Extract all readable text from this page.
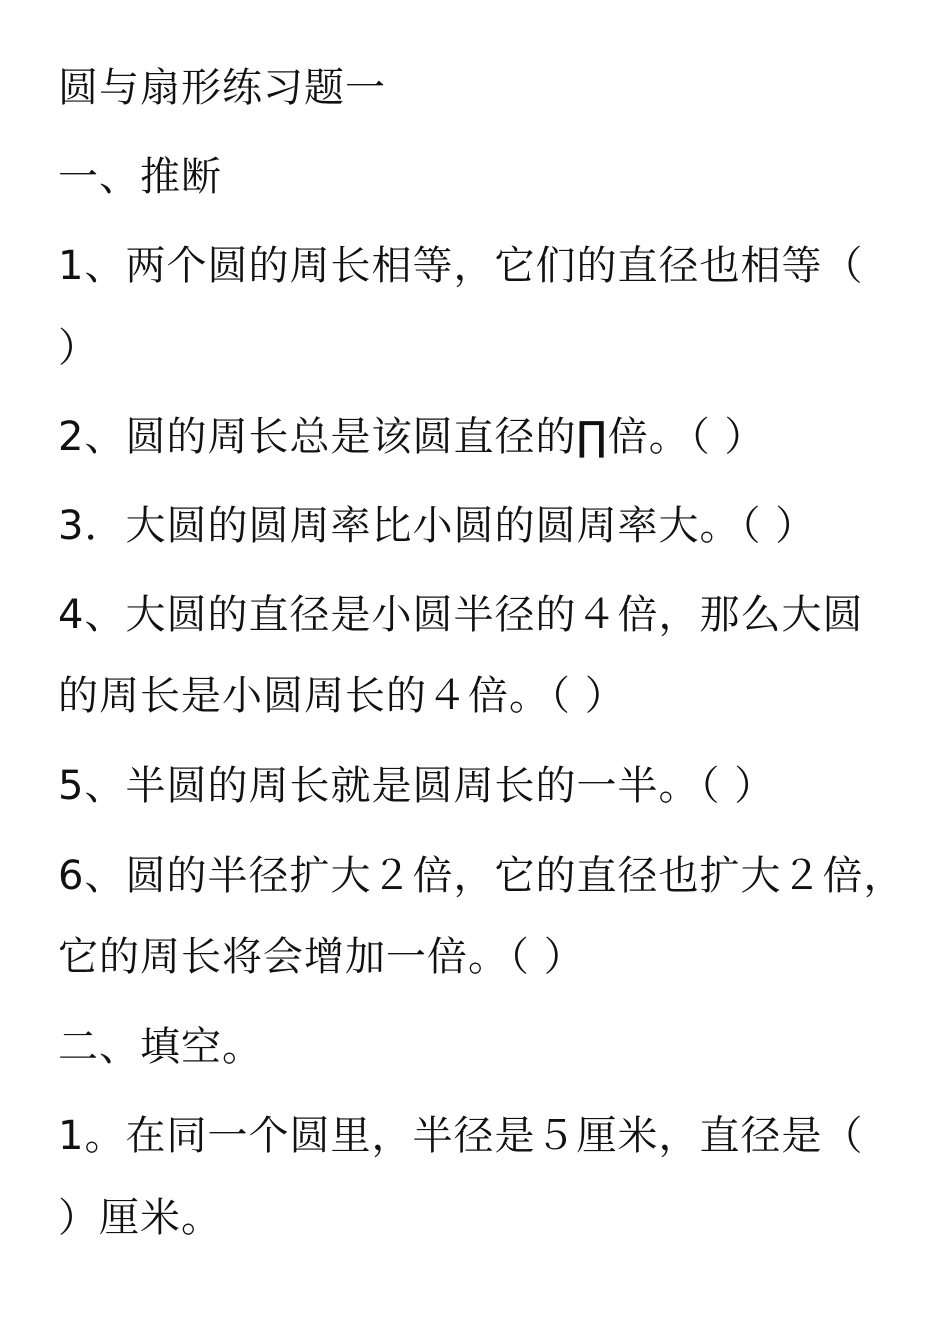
圆与扇形练习题一
一、推断
1、两个圆的周长相等，它们的直径也相等（
）
2、圆的周长总是该圆直径的∏倍。（ ）
3．大圆的圆周率比小圆的圆周率大。（ ）
4、大圆的直径是小圆半径的４倍，那么大圆
的周长是小圆周长的４倍。（ ）
5、半圆的周长就是圆周长的一半。（ ）
6、圆的半径扩大２倍，它的直径也扩大２倍，
它的周长将会增加一倍。（ ）
二、填空。
1。在同一个圆里，半径是５厘米，直径是（
）厘米。
